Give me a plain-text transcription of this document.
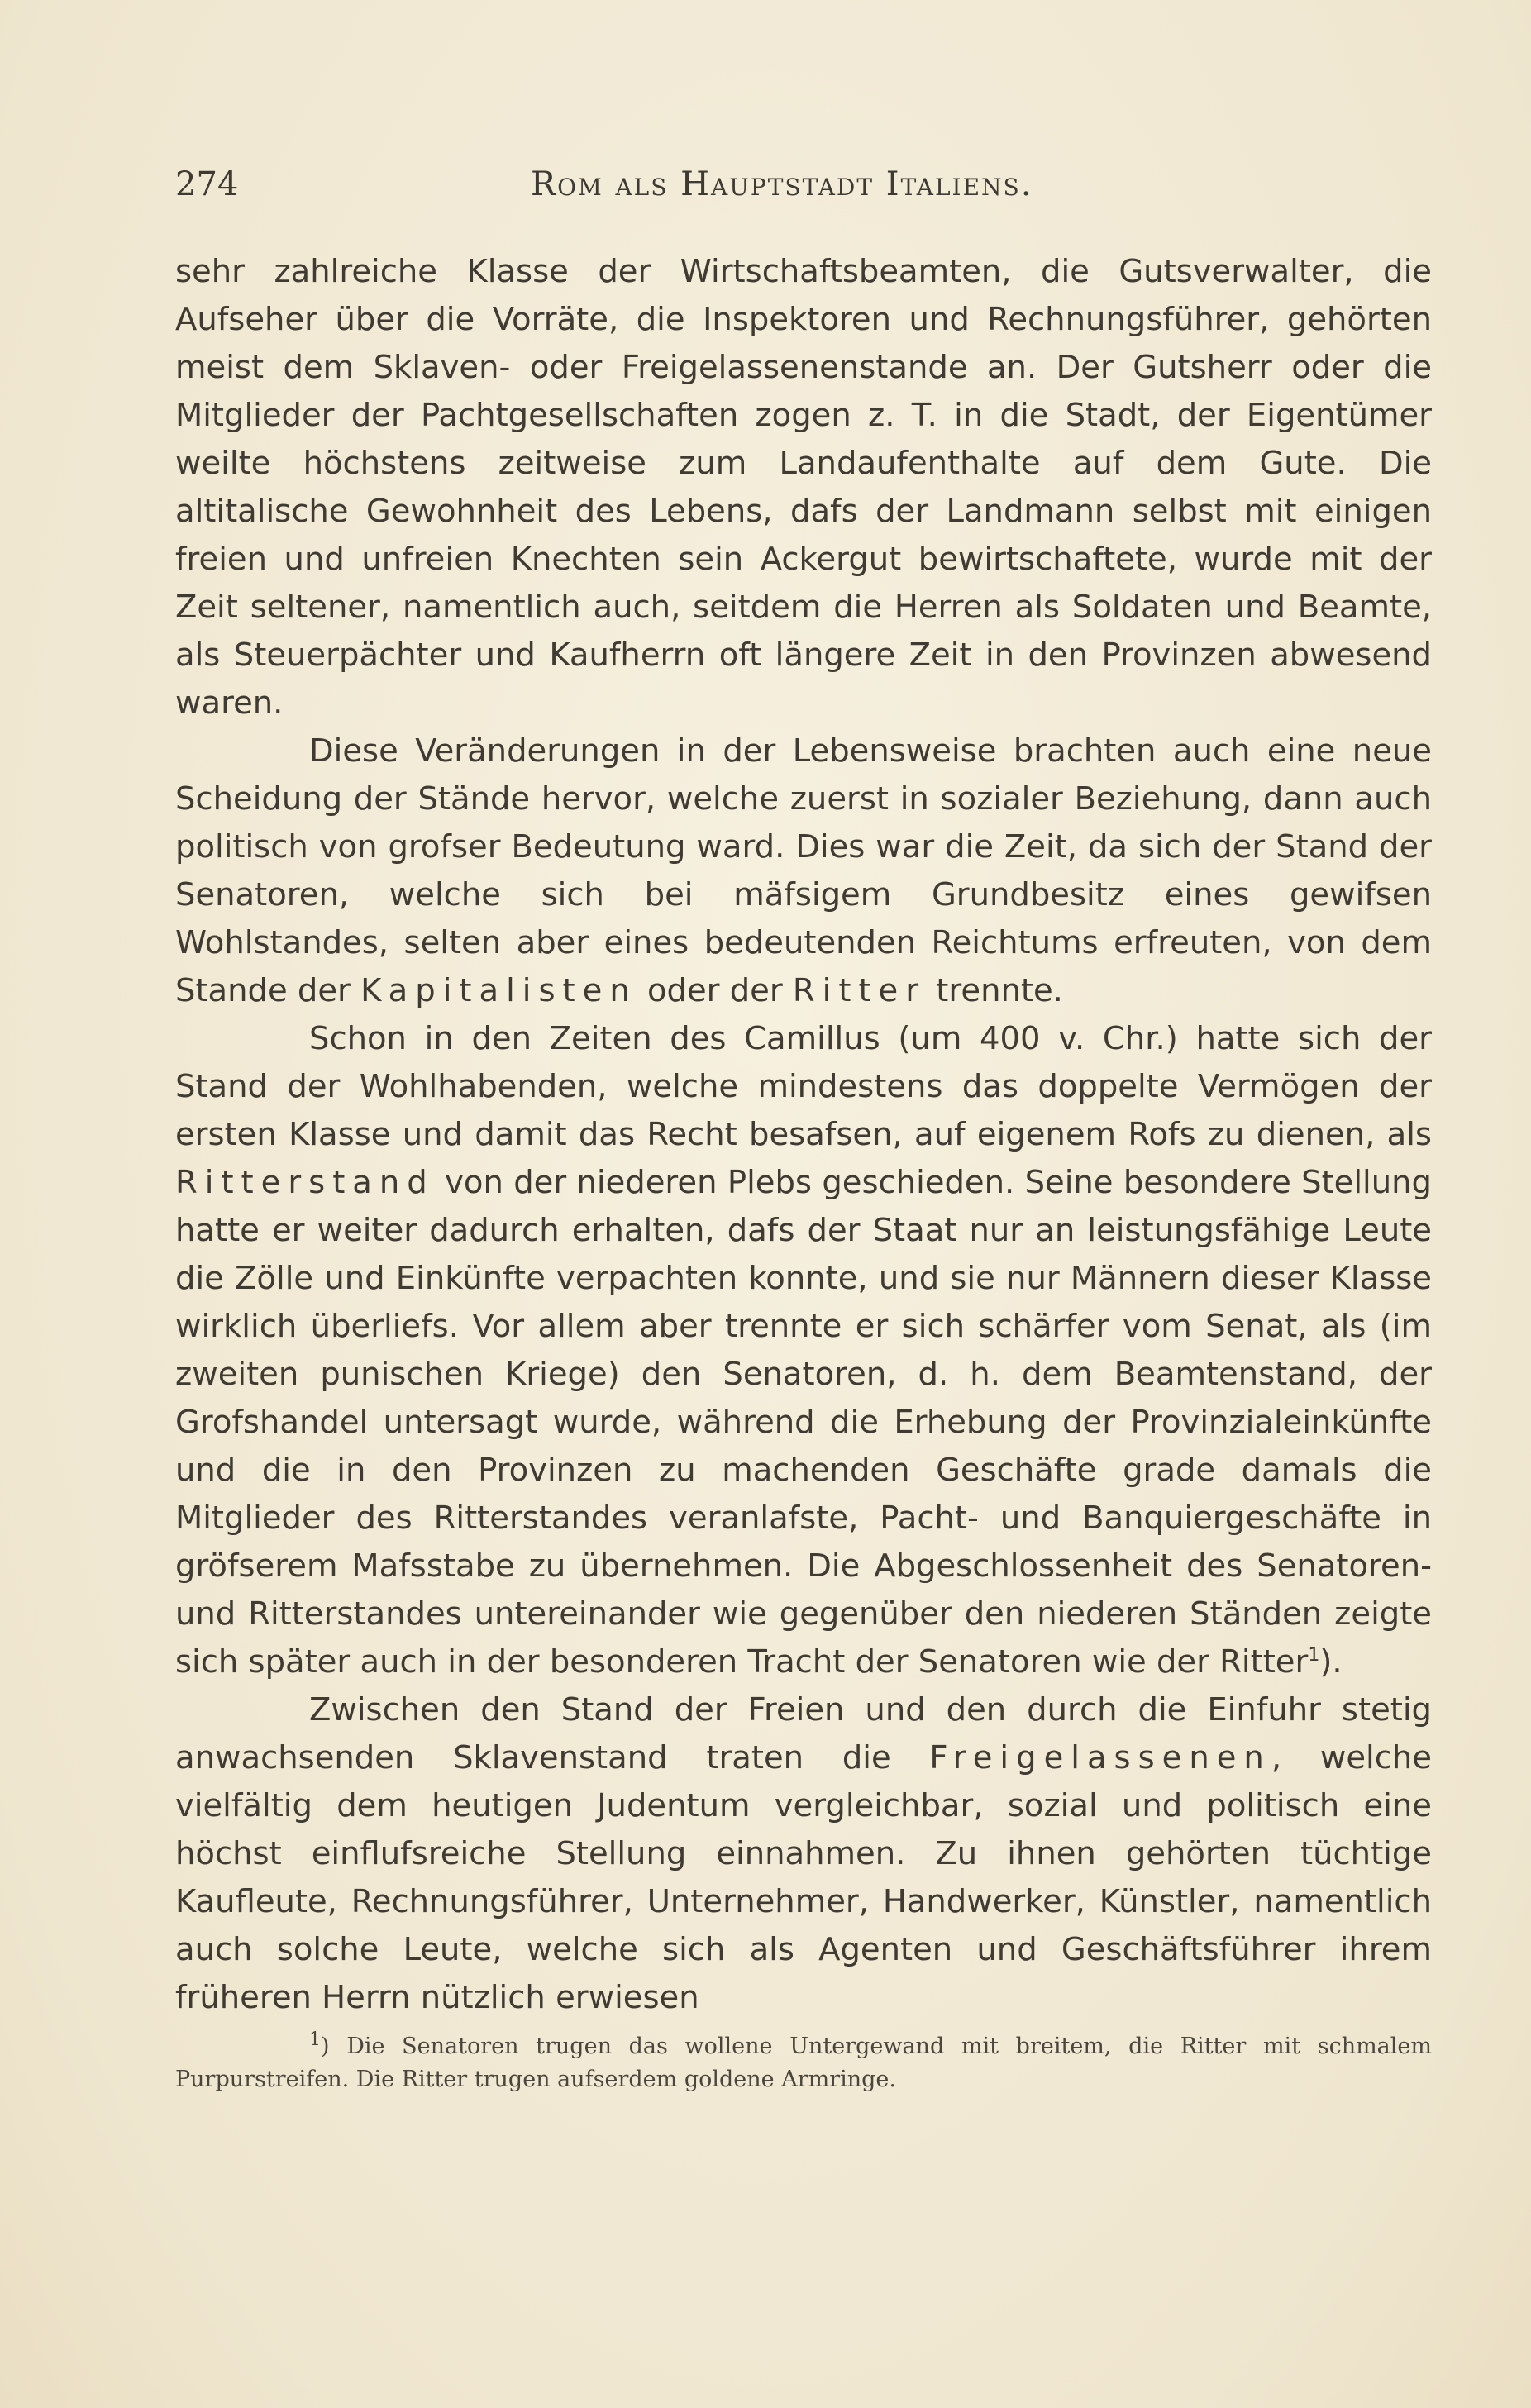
274	Rom als Hauptstadt Italiens.

sehr zahlreiche Klasse der Wirtschaftsbeamten, die Gutsverwalter, die Aufseher über die Vorräte, die Inspektoren und Rechnungsführer, gehörten meist dem Sklaven- oder Freigelassenenstande an. Der Gutsherr oder die Mitglieder der Pachtgesellschaften zogen z. T. in die Stadt, der Eigentümer weilte höchstens zeitweise zum Landaufenthalte auf dem Gute. Die altitalische Gewohnheit des Lebens, dafs der Landmann selbst mit einigen freien und unfreien Knechten sein Ackergut bewirtschaftete, wurde mit der Zeit seltener, namentlich auch, seitdem die Herren als Soldaten und Beamte, als Steuerpächter und Kaufherrn oft längere Zeit in den Provinzen abwesend waren.

Diese Veränderungen in der Lebensweise brachten auch eine neue Scheidung der Stände hervor, welche zuerst in sozialer Beziehung, dann auch politisch von grofser Bedeutung ward. Dies war die Zeit, da sich der Stand der Senatoren, welche sich bei mäfsigem Grundbesitz eines gewifsen Wohlstandes, selten aber eines bedeutenden Reichtums erfreuten, von dem Stande der Kapitalisten oder der Ritter trennte.

Schon in den Zeiten des Camillus (um 400 v. Chr.) hatte sich der Stand der Wohlhabenden, welche mindestens das doppelte Vermögen der ersten Klasse und damit das Recht besafsen, auf eigenem Rofs zu dienen, als Ritterstand von der niederen Plebs geschieden. Seine besondere Stellung hatte er weiter dadurch erhalten, dafs der Staat nur an leistungsfähige Leute die Zölle und Einkünfte verpachten konnte, und sie nur Männern dieser Klasse wirklich überliefs. Vor allem aber trennte er sich schärfer vom Senat, als (im zweiten punischen Kriege) den Senatoren, d. h. dem Beamtenstand, der Grofshandel untersagt wurde, während die Erhebung der Provinzialeinkünfte und die in den Provinzen zu machenden Geschäfte grade damals die Mitglieder des Ritterstandes veranlafste, Pacht- und Banquiergeschäfte in gröfserem Mafsstabe zu übernehmen. Die Abgeschlossenheit des Senatoren- und Ritterstandes untereinander wie gegenüber den niederen Ständen zeigte sich später auch in der besonderen Tracht der Senatoren wie der Ritter$^1$).

Zwischen den Stand der Freien und den durch die Einfuhr stetig anwachsenden Sklavenstand traten die Freigelassenen, welche vielfältig dem heutigen Judentum vergleichbar, sozial und politisch eine höchst einflufsreiche Stellung einnahmen. Zu ihnen gehörten tüchtige Kaufleute, Rechnungsführer, Unternehmer, Handwerker, Künstler, namentlich auch solche Leute, welche sich als Agenten und Geschäftsführer ihrem früheren Herrn nützlich erwiesen

$^1$) Die Senatoren trugen das wollene Untergewand mit breitem, die Ritter mit schmalem Purpurstreifen. Die Ritter trugen aufserdem goldene Armringe.
